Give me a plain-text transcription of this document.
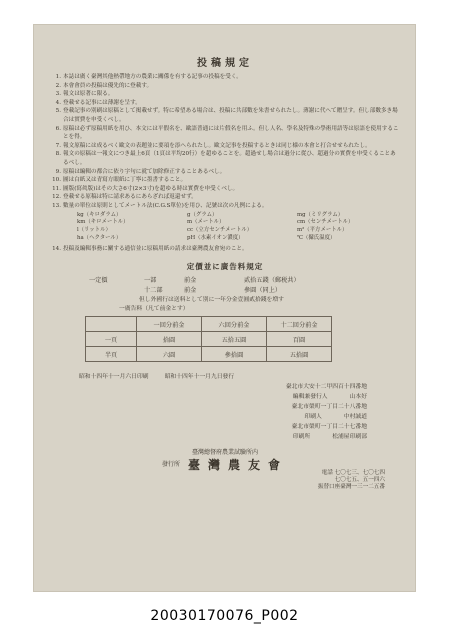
投稿規定
1. 本誌は廣く臺灣其他熱帶地方の農業に關係を有する記事の投稿を受く。
2. 本會會員の投稿は優先的に登載す。
3. 報文は原著に限る。
4. 登載せる記事には薄謝を呈す。
5. 登載記事の別刷は原稿として掲載せず。特に希望ある場合は、投稿に共部數を朱書せられたし。薄謝に代へて贈呈す。但し部數多き場合は實費を申受くべし。
6. 原稿は必ず原稿用紙を用ひ、本文には平假名を、歐語普通には片假名を用ふ。但し人名、學名及特殊の學術用語等は原語を使用することを得。
7. 報文原稿には成るべく歐文の表題並に要項を添へられたし。歐文記事を投稿するときは同じ様の本會と打合せせられたし。
8. 報文の原稿は一報文につき最上6頁（1頁は平均20行）を超ゆることを。超過せし場合は過分に從ひ、超過分の實費を申受くることあるべし。
9. 原稿は編輯の都合に依り字句に就て加除修正することあるべし。
10. 圖は白紙又は青寫方眼紙に丁寧に墨書すること。
11. 圖版(寫眞版)はその大さ6寸(2×3寸)を超ゆる時は實費を申受くべし。
12. 登載せる原稿は特に請求あるにあらざれば返還せず。
13. 數量の單位は原則としてメートル法(C.G.S單位)を用ひ、記號は次の凡例による。
kg（キロダラム）	g（グラム）	mg（ミリグラム）
km（キロメートル）	m（メートル）	cm（センチメートル）
l（リットル）	cc（立方センチメートル）	m²（平方メートル）
ha（ヘクタール）	pH（水素イオン濃度）	℃（攝氏温度）
14. 投稿及編輯事務に關する通信並に原稿用紙の請求は臺灣農友會宛のこと。
定價並に廣告料規定
一定價	一部	前金	貳拾五錢（郵税共）
十二部	前金	參圓（同上）
但し外國行は送料として別に一年分金壹圓貳拾錢を増す
一廣告料（凡て前金とす）
	一回分前金	六回分前金	十二回分前金
一頁	拾圓	五拾五圓	百圓
半頁	六圓	參拾圓	五拾圓
昭和十四年十一月六日印刷	昭和十四年十一月九日發行
臺北市大安十二甲四百十四番地
編輯兼發行人	山本好
臺北市榮町一丁目二十八番地
印刷人	中村誠道
臺北市榮町一丁目二十七番地
印刷所	松浦屋印刷部
臺灣總督府農業試驗所内
發行所 臺灣農友會
電話 七〇七三、七〇七四
七〇七五、五一四六
振替口座臺灣一三一二五番
20030170076_P002
